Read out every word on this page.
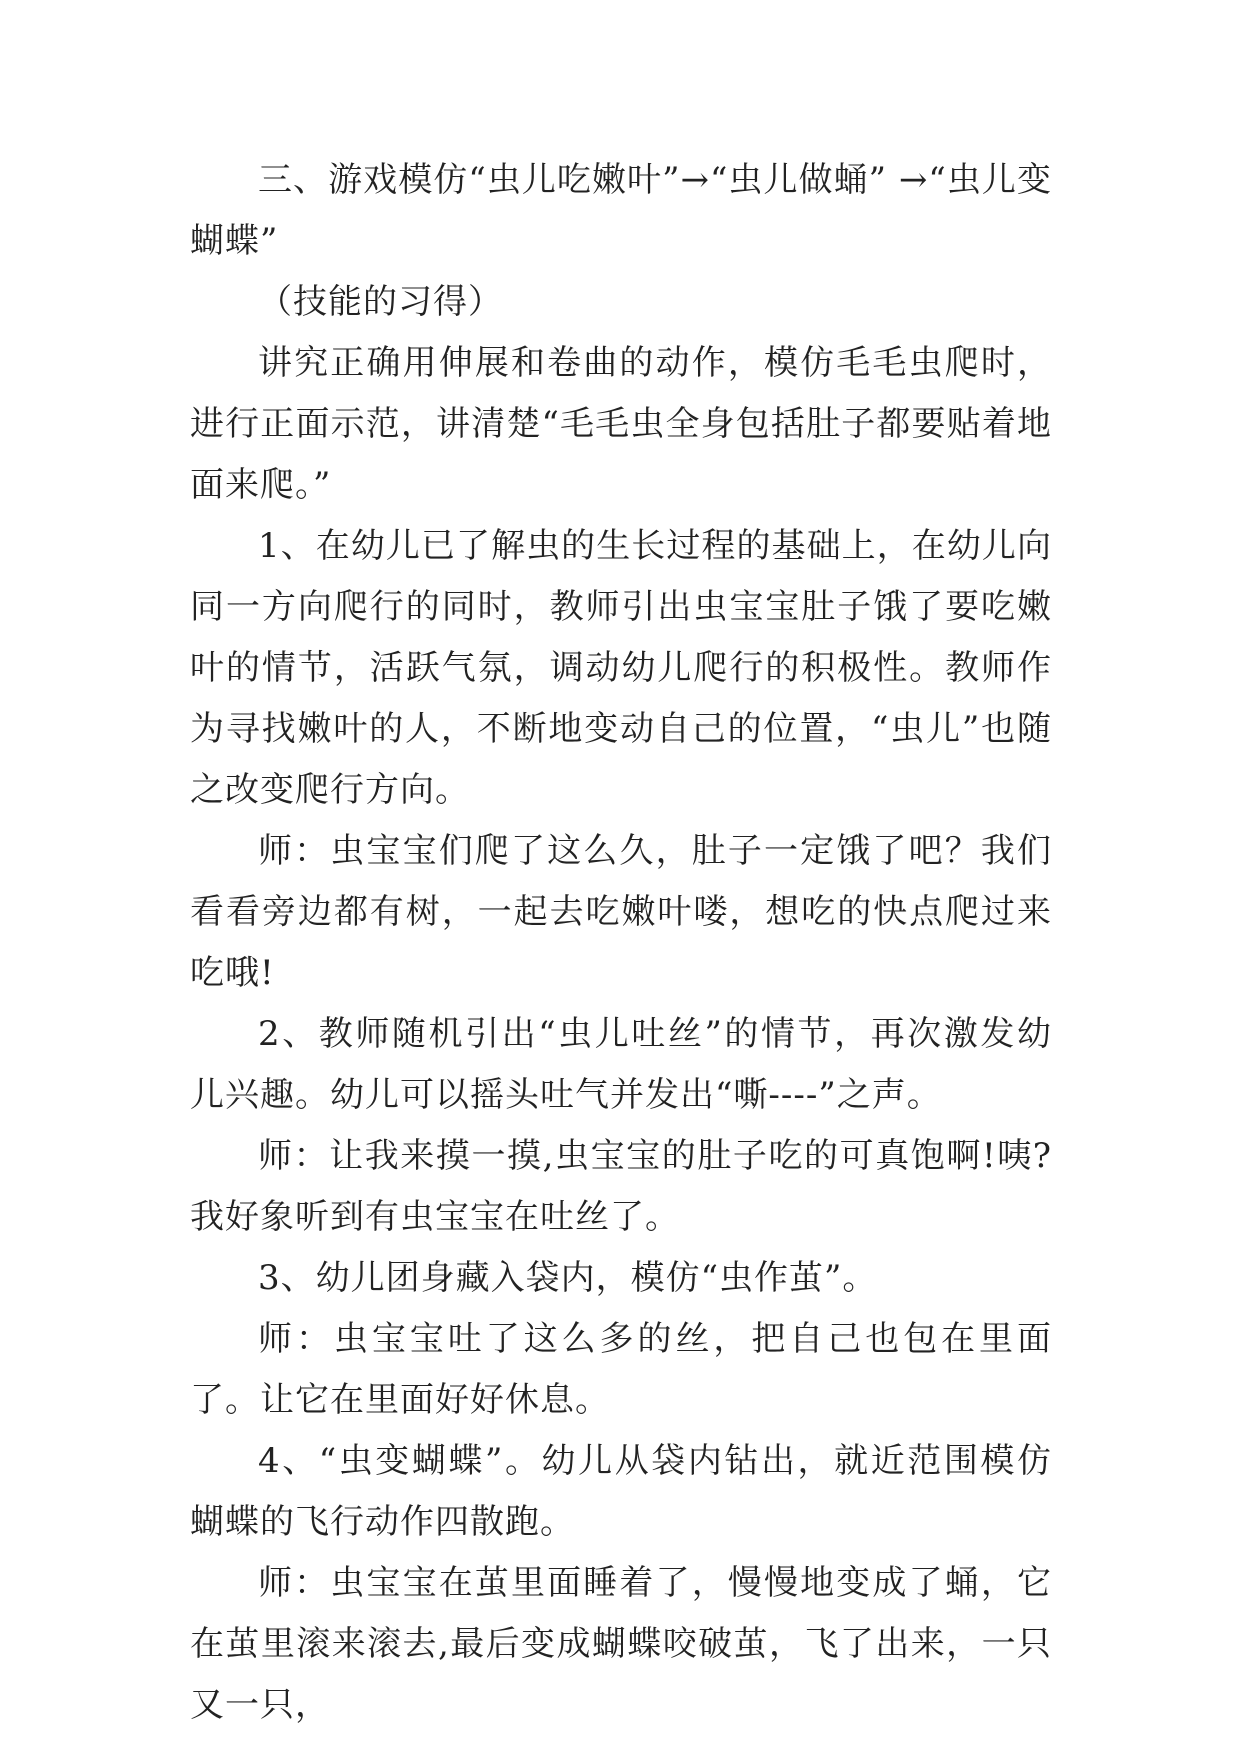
三、游戏模仿“虫儿吃嫩叶”→“虫儿做蛹” →“虫儿变蝴蝶”

（技能的习得）

讲究正确用伸展和卷曲的动作，模仿毛毛虫爬时，进行正面示范，讲清楚“毛毛虫全身包括肚子都要贴着地面来爬。”

1、在幼儿已了解虫的生长过程的基础上，在幼儿向同一方向爬行的同时，教师引出虫宝宝肚子饿了要吃嫩叶的情节，活跃气氛，调动幼儿爬行的积极性。教师作为寻找嫩叶的人，不断地变动自己的位置，“虫儿”也随之改变爬行方向。

师：虫宝宝们爬了这么久，肚子一定饿了吧？我们看看旁边都有树，一起去吃嫩叶喽，想吃的快点爬过来吃哦!

2、教师随机引出“虫儿吐丝”的情节，再次激发幼儿兴趣。幼儿可以摇头吐气并发出“嘶----”之声。

师：让我来摸一摸,虫宝宝的肚子吃的可真饱啊!咦?我好象听到有虫宝宝在吐丝了。

3、幼儿团身藏入袋内，模仿“虫作茧”。

师：虫宝宝吐了这么多的丝，把自己也包在里面了。让它在里面好好休息。

4、“虫变蝴蝶”。幼儿从袋内钻出，就近范围模仿蝴蝶的飞行动作四散跑。

师：虫宝宝在茧里面睡着了，慢慢地变成了蛹，它在茧里滚来滚去,最后变成蝴蝶咬破茧，飞了出来，一只又一只，
